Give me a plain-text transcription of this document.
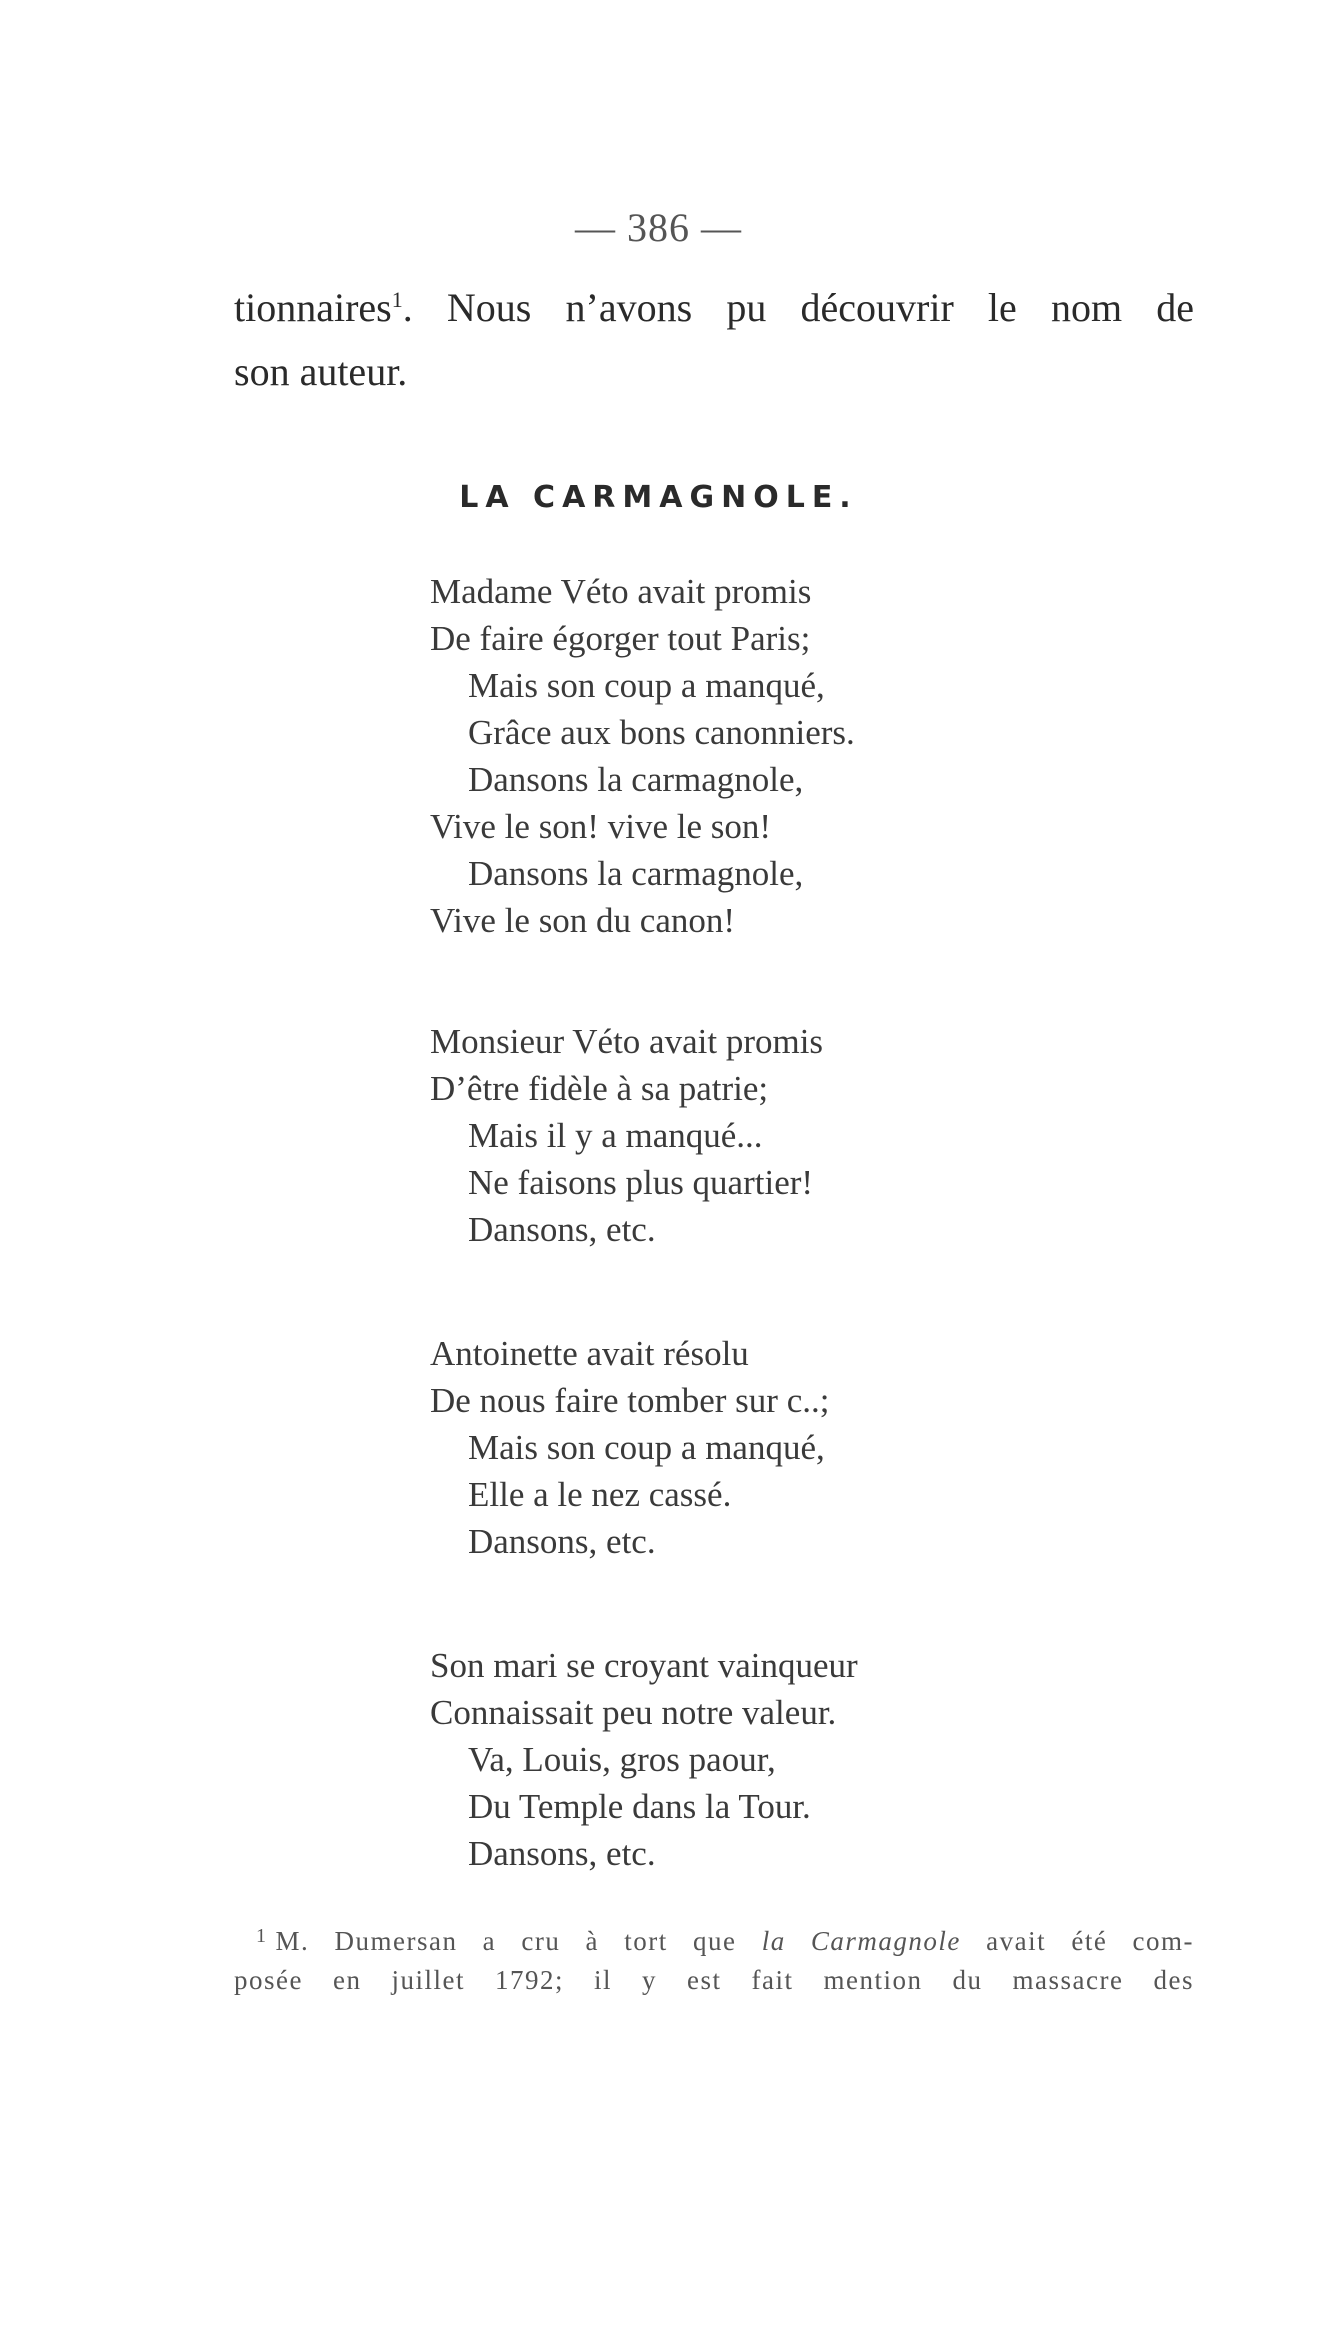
— 386 —
tionnaires$^1$. Nous n’avons pu découvrir le nom de
son auteur.
LA CARMAGNOLE.
Madame Véto avait promis
De faire égorger tout Paris;
Mais son coup a manqué,
Grâce aux bons canonniers.
Dansons la carmagnole,
Vive le son! vive le son!
Dansons la carmagnole,
Vive le son du canon!
Monsieur Véto avait promis
D’être fidèle à sa patrie;
Mais il y a manqué...
Ne faisons plus quartier!
Dansons, etc.
Antoinette avait résolu
De nous faire tomber sur c..;
Mais son coup a manqué,
Elle a le nez cassé.
Dansons, etc.
Son mari se croyant vainqueur
Connaissait peu notre valeur.
Va, Louis, gros paour,
Du Temple dans la Tour.
Dansons, etc.
$^1$ M. Dumersan a cru à tort que la Carmagnole avait été com-
posée en juillet 1792; il y est fait mention du massacre des
